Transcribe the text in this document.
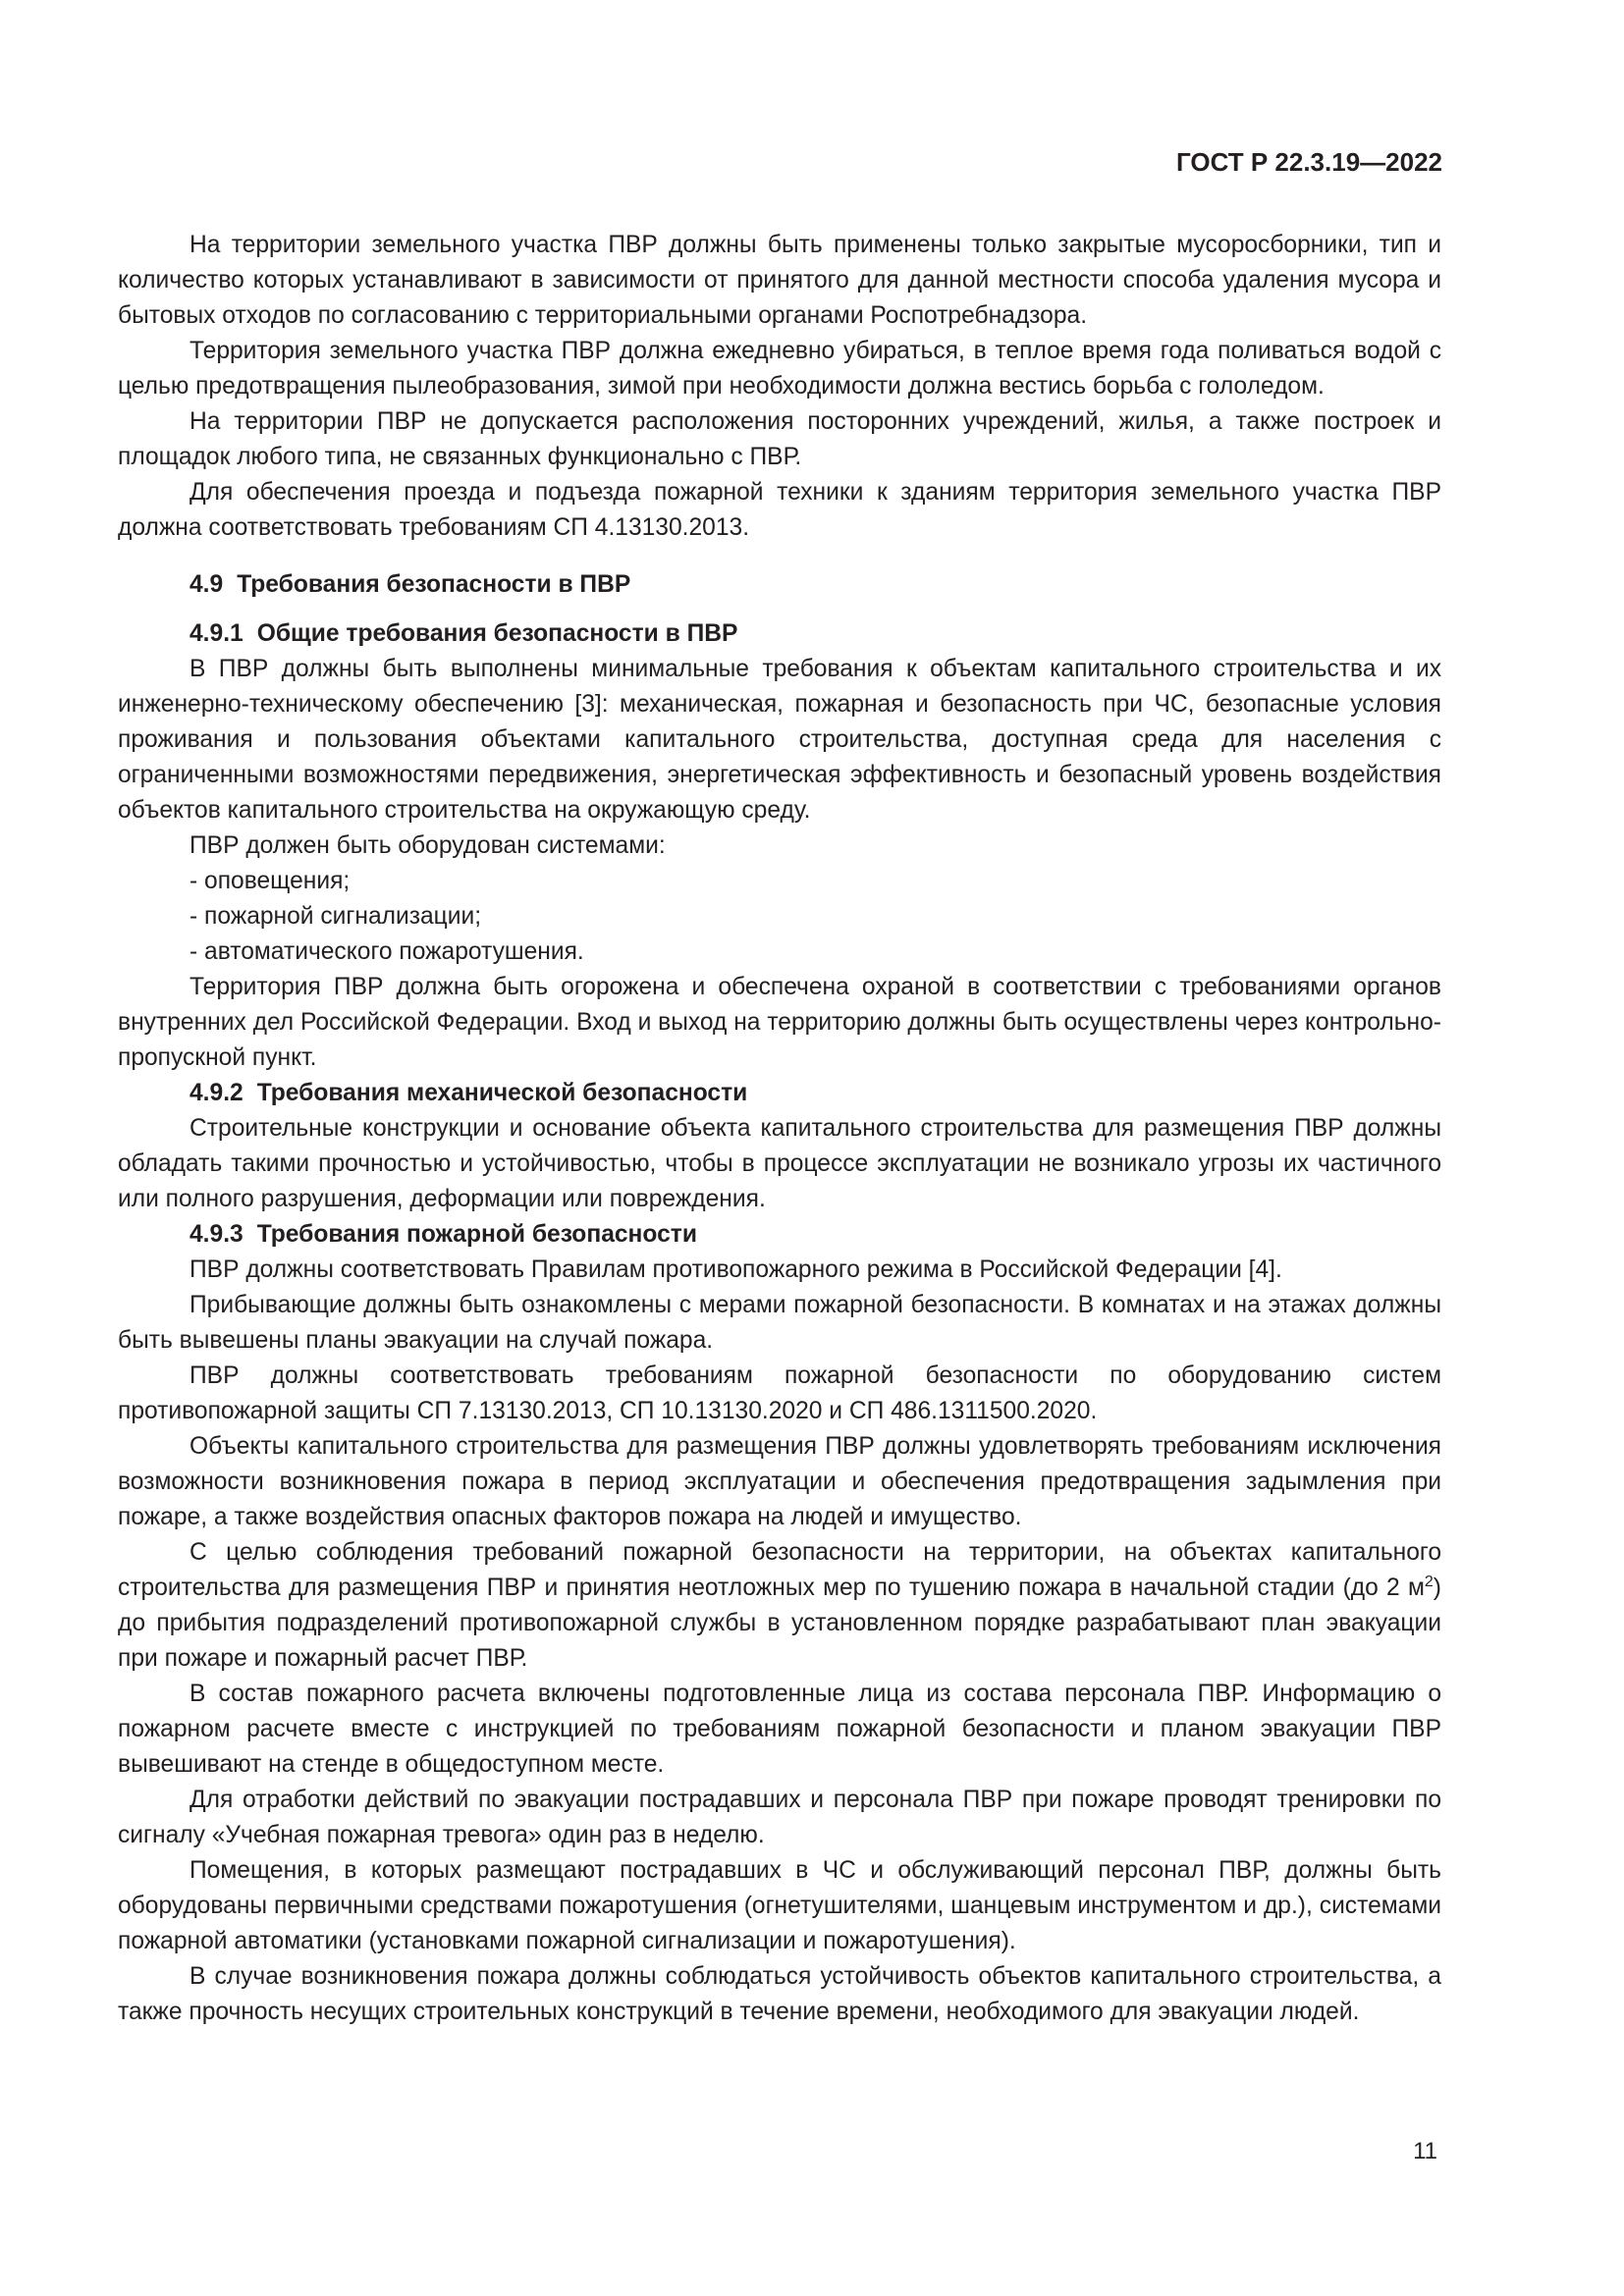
ГОСТ Р 22.3.19—2022

На территории земельного участка ПВР должны быть применены только закрытые мусоросборники, тип и количество которых устанавливают в зависимости от принятого для данной местности способа удаления мусора и бытовых отходов по согласованию с территориальными органами Роспотребнадзора.

Территория земельного участка ПВР должна ежедневно убираться, в теплое время года поливаться водой с целью предотвращения пылеобразования, зимой при необходимости должна вестись борьба с гололедом.

На территории ПВР не допускается расположения посторонних учреждений, жилья, а также построек и площадок любого типа, не связанных функционально с ПВР.

Для обеспечения проезда и подъезда пожарной техники к зданиям территория земельного участка ПВР должна соответствовать требованиям СП 4.13130.2013.

4.9 Требования безопасности в ПВР
4.9.1 Общие требования безопасности в ПВР

В ПВР должны быть выполнены минимальные требования к объектам капитального строительства и их инженерно-техническому обеспечению [3]: механическая, пожарная и безопасность при ЧС, безопасные условия проживания и пользования объектами капитального строительства, доступная среда для населения с ограниченными возможностями передвижения, энергетическая эффективность и безопасный уровень воздействия объектов капитального строительства на окружающую среду.

ПВР должен быть оборудован системами:

- оповещения;

- пожарной сигнализации;

- автоматического пожаротушения.

Территория ПВР должна быть огорожена и обеспечена охраной в соответствии с требованиями органов внутренних дел Российской Федерации. Вход и выход на территорию должны быть осуществлены через контрольно-пропускной пункт.

4.9.2 Требования механической безопасности

Строительные конструкции и основание объекта капитального строительства для размещения ПВР должны обладать такими прочностью и устойчивостью, чтобы в процессе эксплуатации не возникало угрозы их частичного или полного разрушения, деформации или повреждения.

4.9.3 Требования пожарной безопасности

ПВР должны соответствовать Правилам противопожарного режима в Российской Федерации [4].

Прибывающие должны быть ознакомлены с мерами пожарной безопасности. В комнатах и на этажах должны быть вывешены планы эвакуации на случай пожара.

ПВР должны соответствовать требованиям пожарной безопасности по оборудованию систем противопожарной защиты СП 7.13130.2013, СП 10.13130.2020 и СП 486.1311500.2020.

Объекты капитального строительства для размещения ПВР должны удовлетворять требованиям исключения возможности возникновения пожара в период эксплуатации и обеспечения предотвращения задымления при пожаре, а также воздействия опасных факторов пожара на людей и имущество.

С целью соблюдения требований пожарной безопасности на территории, на объектах капитального строительства для размещения ПВР и принятия неотложных мер по тушению пожара в начальной стадии (до 2 $м^2$) до прибытия подразделений противопожарной службы в установленном порядке разрабатывают план эвакуации при пожаре и пожарный расчет ПВР.

В состав пожарного расчета включены подготовленные лица из состава персонала ПВР. Информацию о пожарном расчете вместе с инструкцией по требованиям пожарной безопасности и планом эвакуации ПВР вывешивают на стенде в общедоступном месте.

Для отработки действий по эвакуации пострадавших и персонала ПВР при пожаре проводят тренировки по сигналу «Учебная пожарная тревога» один раз в неделю.

Помещения, в которых размещают пострадавших в ЧС и обслуживающий персонал ПВР, должны быть оборудованы первичными средствами пожаротушения (огнетушителями, шанцевым инструментом и др.), системами пожарной автоматики (установками пожарной сигнализации и пожаротушения).

В случае возникновения пожара должны соблюдаться устойчивость объектов капитального строительства, а также прочность несущих строительных конструкций в течение времени, необходимого для эвакуации людей.

11
